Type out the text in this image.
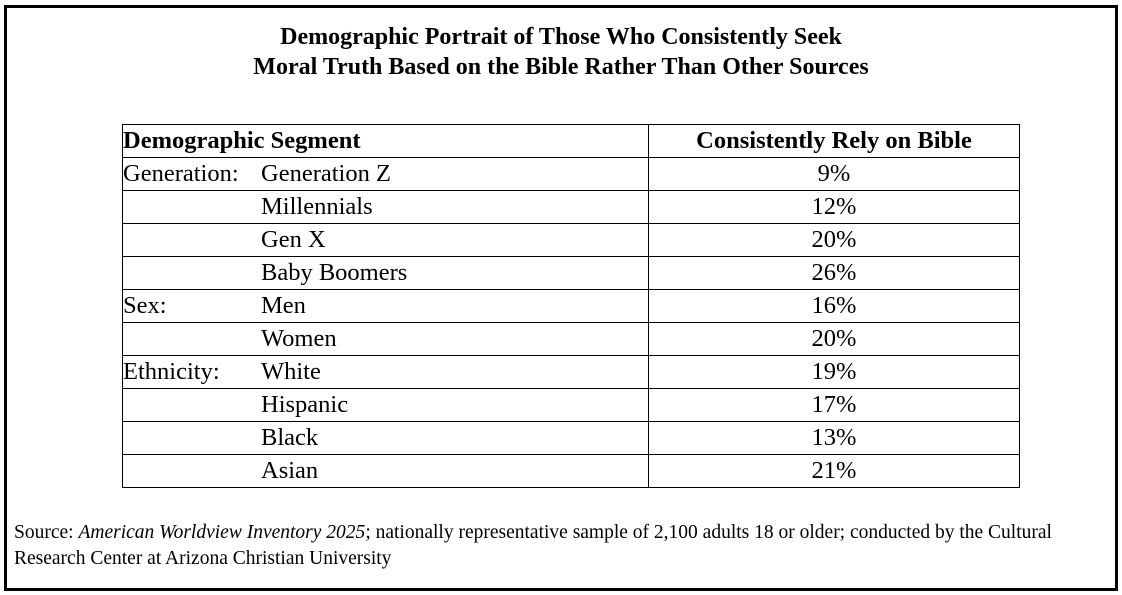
Demographic Portrait of Those Who Consistently Seek
Moral Truth Based on the Bible Rather Than Other Sources
Demographic Segment		Consistently Rely on Bible
Generation:	Generation Z	9%
	Millennials	12%
	Gen X	20%
	Baby Boomers	26%
Sex:	Men	16%
	Women	20%
Ethnicity:	White	19%
	Hispanic	17%
	Black	13%
	Asian	21%
Source: American Worldview Inventory 2025; nationally representative sample of 2,100 adults 18 or older; conducted by the Cultural Research Center at Arizona Christian University
